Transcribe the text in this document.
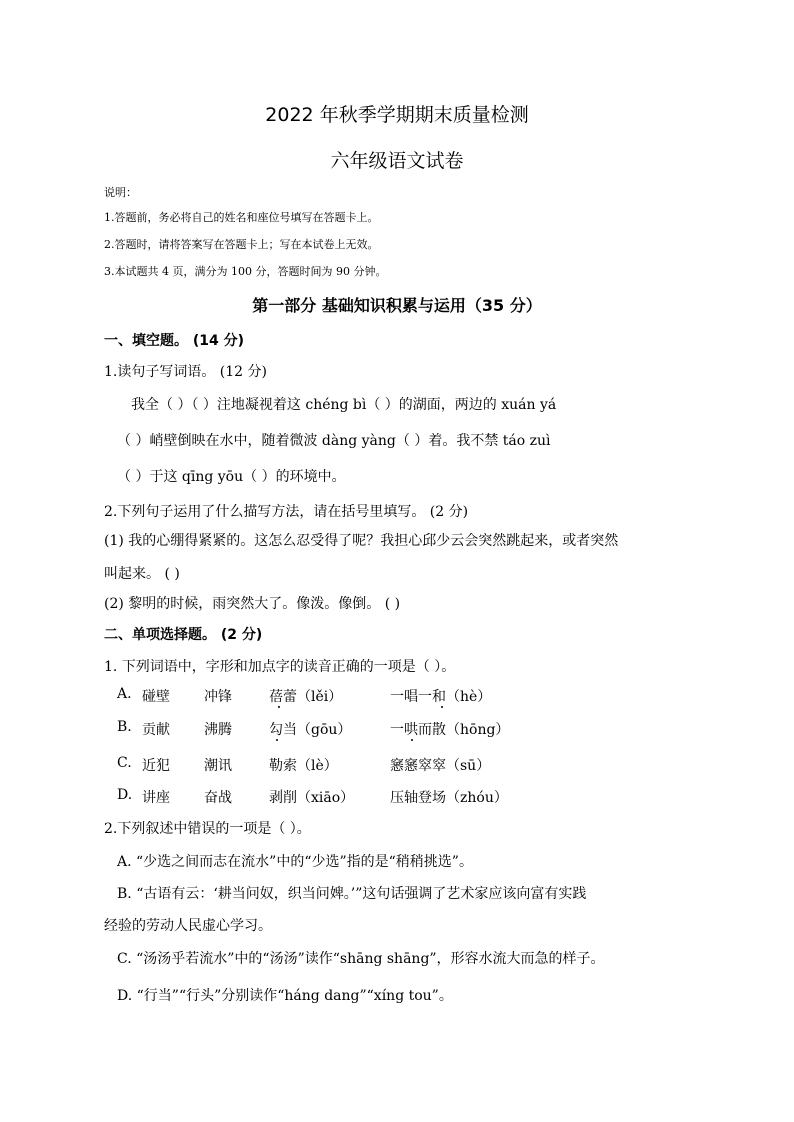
2022 年秋季学期期末质量检测

六年级语文试卷

说明：

1.答题前，务必将自己的姓名和座位号填写在答题卡上。

2.答题时，请将答案写在答题卡上；写在本试卷上无效。

3.本试题共 4 页，满分为 100 分，答题时间为 90 分钟。

第一部分 基础知识积累与运用（35 分）

一、填空题。 (14 分)

1.读句子写词语。 (12 分)

我全（ ）（ ）注地凝视着这 chéng bì（ ）的湖面，两边的 xuán yá

（ ）峭壁倒映在水中，随着微波 dàng yàng（ ）着。我不禁 táo zuì

（ ）于这 qīng yōu（ ）的环境中。

2.下列句子运用了什么描写方法，请在括号里填写。 (2 分)

(1) 我的心绷得紧紧的。这怎么忍受得了呢？我担心邱少云会突然跳起来，或者突然

叫起来。 ( )

(2) 黎明的时候，雨突然大了。像泼。像倒。 ( )

二、单项选择题。 (2 分)

1. 下列词语中，字形和加点字的读音正确的一项是（ ）。

A. 碰壁 冲锋	蓓蕾（lěi）	一唱一和（hè）

B. 贡献 沸腾	勾当（gōu）	一哄而散（hōng）

C. 近犯 潮讯	勒索（lè）	窸窸窣窣（sū）

D. 讲座 奋战	剥削（xiāo）	压轴登场（zhóu）

2.下列叙述中错误的一项是（ ）。

A. “少选之间而志在流水”中的“少选”指的是“稍稍挑选”。

B. “古语有云：‘耕当问奴，织当问婢。’”这句话强调了艺术家应该向富有实践

经验的劳动人民虚心学习。

C. “汤汤乎若流水”中的“汤汤”读作“shāng shāng”，形容水流大而急的样子。

D. “行当”“行头”分别读作“háng dang”“xíng tou”。
